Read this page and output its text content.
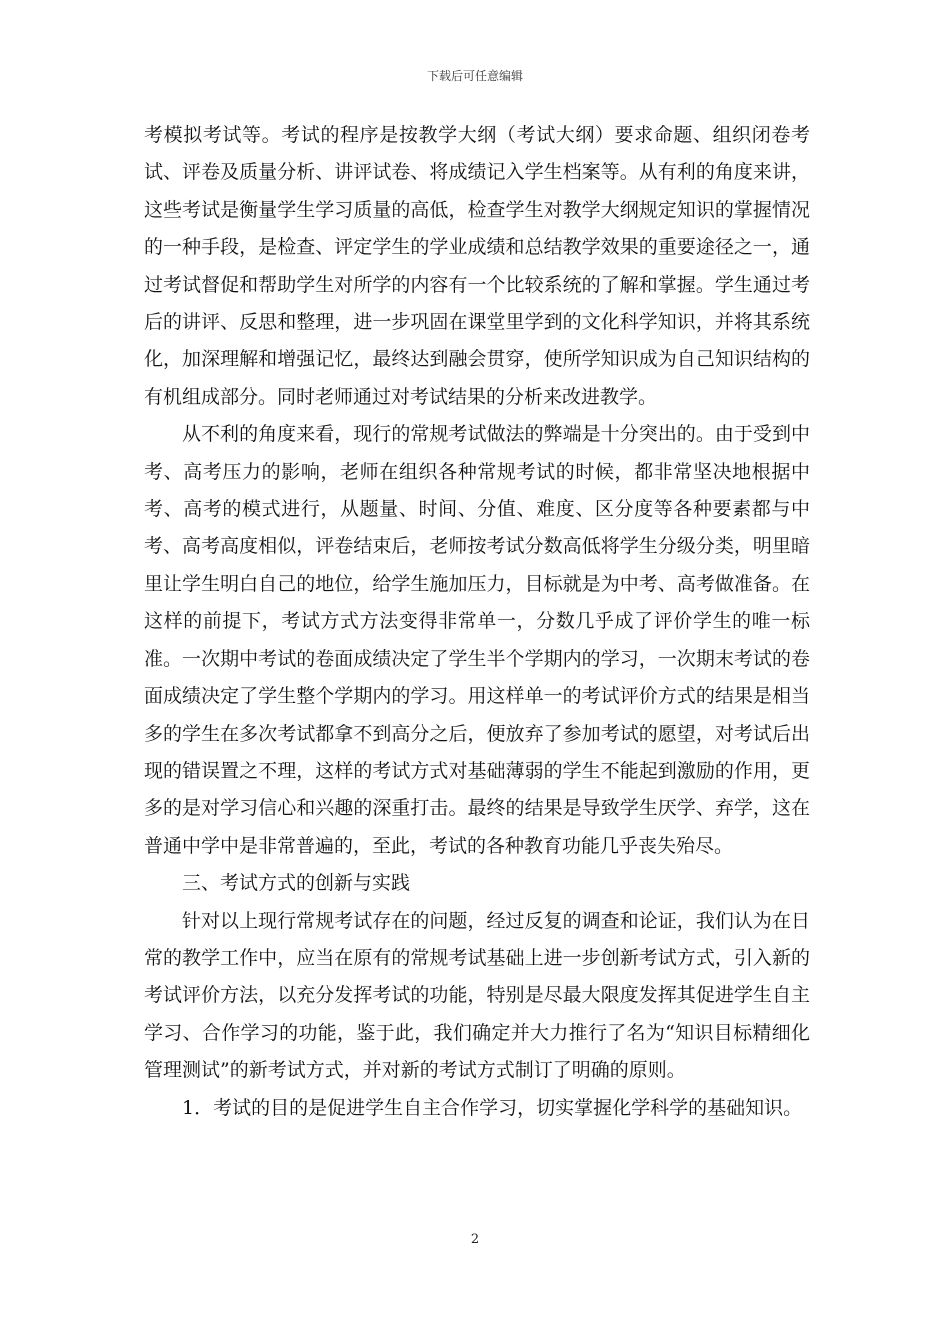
下载后可任意编辑

考模拟考试等。考试的程序是按教学大纲（考试大纲）要求命题、组织闭卷考试、评卷及质量分析、讲评试卷、将成绩记入学生档案等。从有利的角度来讲，这些考试是衡量学生学习质量的高低，检查学生对教学大纲规定知识的掌握情况的一种手段，是检查、评定学生的学业成绩和总结教学效果的重要途径之一，通过考试督促和帮助学生对所学的内容有一个比较系统的了解和掌握。学生通过考后的讲评、反思和整理，进一步巩固在课堂里学到的文化科学知识，并将其系统化，加深理解和增强记忆，最终达到融会贯穿，使所学知识成为自己知识结构的有机组成部分。同时老师通过对考试结果的分析来改进教学。

从不利的角度来看，现行的常规考试做法的弊端是十分突出的。由于受到中考、高考压力的影响，老师在组织各种常规考试的时候，都非常坚决地根据中考、高考的模式进行，从题量、时间、分值、难度、区分度等各种要素都与中考、高考高度相似，评卷结束后，老师按考试分数高低将学生分级分类，明里暗里让学生明白自己的地位，给学生施加压力，目标就是为中考、高考做准备。在这样的前提下，考试方式方法变得非常单一，分数几乎成了评价学生的唯一标准。一次期中考试的卷面成绩决定了学生半个学期内的学习，一次期末考试的卷面成绩决定了学生整个学期内的学习。用这样单一的考试评价方式的结果是相当多的学生在多次考试都拿不到高分之后，便放弃了参加考试的愿望，对考试后出现的错误置之不理，这样的考试方式对基础薄弱的学生不能起到激励的作用，更多的是对学习信心和兴趣的深重打击。最终的结果是导致学生厌学、弃学，这在普通中学中是非常普遍的，至此，考试的各种教育功能几乎丧失殆尽。

三、考试方式的创新与实践

针对以上现行常规考试存在的问题，经过反复的调查和论证，我们认为在日常的教学工作中，应当在原有的常规考试基础上进一步创新考试方式，引入新的考试评价方法，以充分发挥考试的功能，特别是尽最大限度发挥其促进学生自主学习、合作学习的功能，鉴于此，我们确定并大力推行了名为“知识目标精细化管理测试”的新考试方式，并对新的考试方式制订了明确的原则。

1．考试的目的是促进学生自主合作学习，切实掌握化学科学的基础知识。

2
